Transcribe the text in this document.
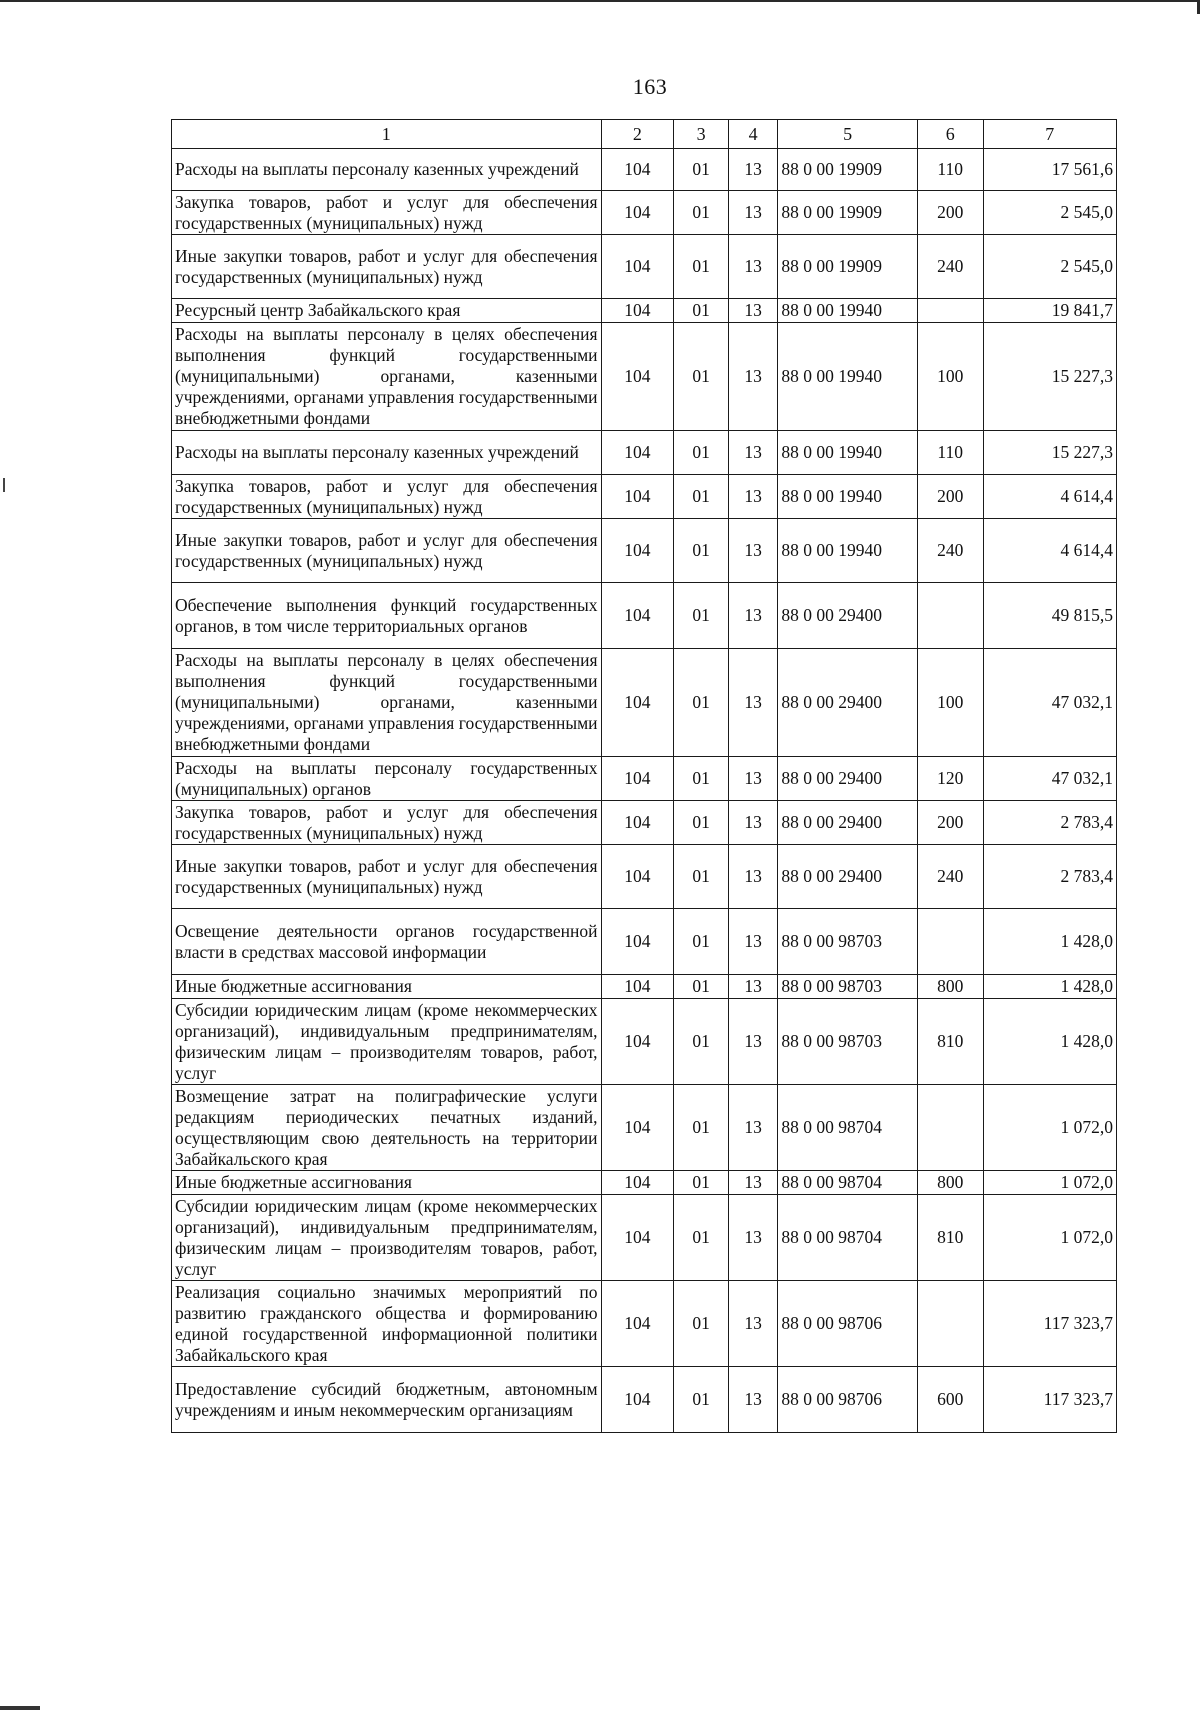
163
1	2	3	4	5	6	7
Расходы на выплаты персоналу казенных учреждений	104	01	13	88 0 00 19909	110	17 561,6
Закупка товаров, работ и услуг для обеспечения государственных (муниципальных) нужд	104	01	13	88 0 00 19909	200	2 545,0
Иные закупки товаров, работ и услуг для обеспечения государственных (муниципальных) нужд	104	01	13	88 0 00 19909	240	2 545,0
Ресурсный центр Забайкальского края	104	01	13	88 0 00 19940		19 841,7
Расходы на выплаты персоналу в целях обеспечения выполнения функций государственными (муниципальными) органами, казенными учреждениями, органами управления государственными внебюджетными фондами	104	01	13	88 0 00 19940	100	15 227,3
Расходы на выплаты персоналу казенных учреждений	104	01	13	88 0 00 19940	110	15 227,3
Закупка товаров, работ и услуг для обеспечения государственных (муниципальных) нужд	104	01	13	88 0 00 19940	200	4 614,4
Иные закупки товаров, работ и услуг для обеспечения государственных (муниципальных) нужд	104	01	13	88 0 00 19940	240	4 614,4
Обеспечение выполнения функций государственных органов, в том числе территориальных органов	104	01	13	88 0 00 29400		49 815,5
Расходы на выплаты персоналу в целях обеспечения выполнения функций государственными (муниципальными) органами, казенными учреждениями, органами управления государственными внебюджетными фондами	104	01	13	88 0 00 29400	100	47 032,1
Расходы на выплаты персоналу государственных (муниципальных) органов	104	01	13	88 0 00 29400	120	47 032,1
Закупка товаров, работ и услуг для обеспечения государственных (муниципальных) нужд	104	01	13	88 0 00 29400	200	2 783,4
Иные закупки товаров, работ и услуг для обеспечения государственных (муниципальных) нужд	104	01	13	88 0 00 29400	240	2 783,4
Освещение деятельности органов государственной власти в средствах массовой информации	104	01	13	88 0 00 98703		1 428,0
Иные бюджетные ассигнования	104	01	13	88 0 00 98703	800	1 428,0
Субсидии юридическим лицам (кроме некоммерческих организаций), индивидуальным предпринимателям, физическим лицам – производителям товаров, работ, услуг	104	01	13	88 0 00 98703	810	1 428,0
Возмещение затрат на полиграфические услуги редакциям периодических печатных изданий, осуществляющим свою деятельность на территории Забайкальского края	104	01	13	88 0 00 98704		1 072,0
Иные бюджетные ассигнования	104	01	13	88 0 00 98704	800	1 072,0
Субсидии юридическим лицам (кроме некоммерческих организаций), индивидуальным предпринимателям, физическим лицам – производителям товаров, работ, услуг	104	01	13	88 0 00 98704	810	1 072,0
Реализация социально значимых мероприятий по развитию гражданского общества и формированию единой государственной информационной политики Забайкальского края	104	01	13	88 0 00 98706		117 323,7
Предоставление субсидий бюджетным, автономным учреждениям и иным некоммерческим организациям	104	01	13	88 0 00 98706	600	117 323,7
